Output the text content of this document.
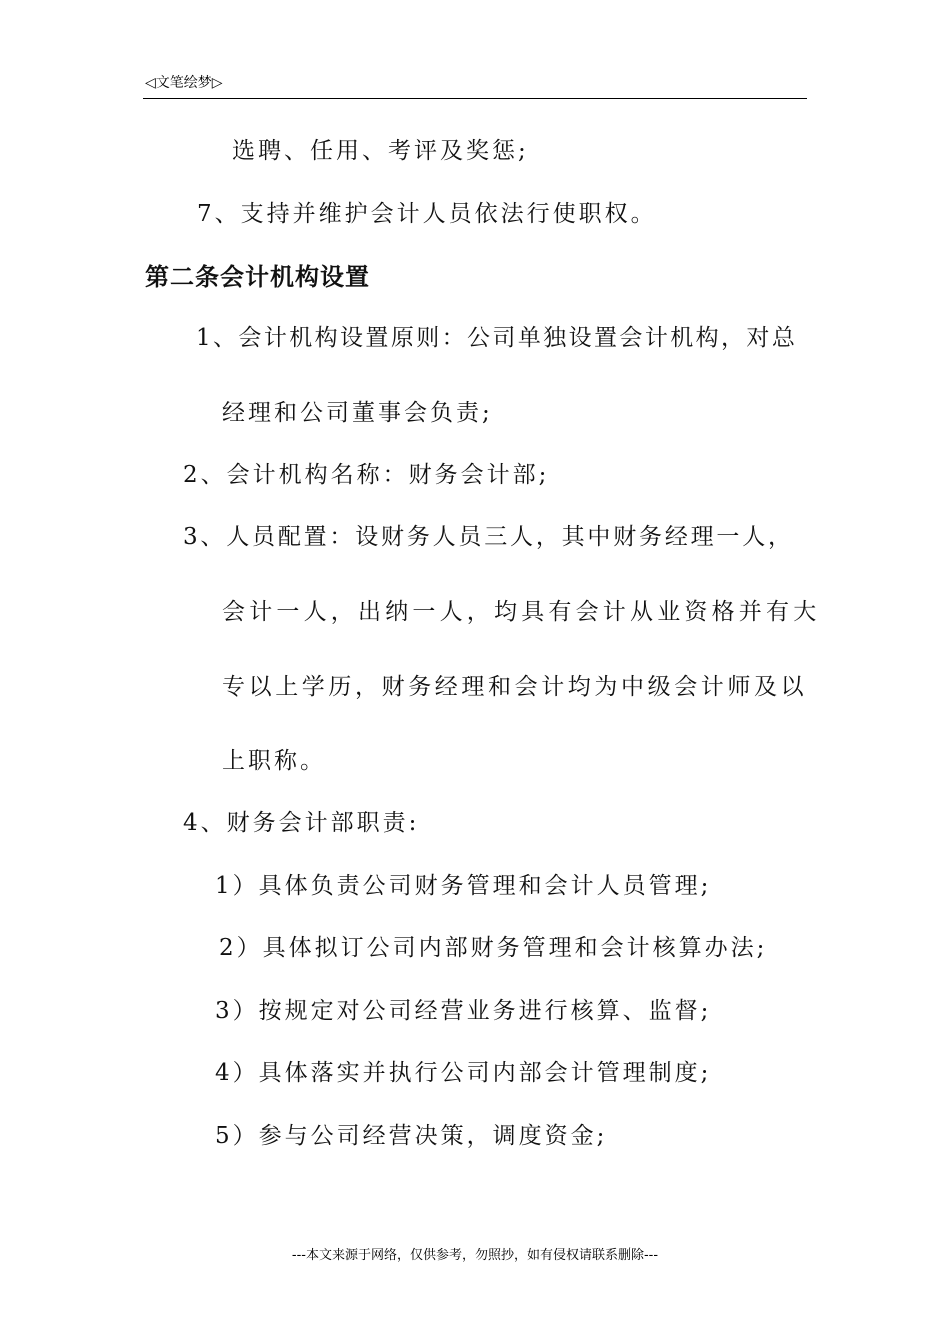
◁文笔绘梦▷
选聘、任用、考评及奖惩;
7、支持并维护会计人员依法行使职权。
第二条会计机构设置
1、会计机构设置原则：公司单独设置会计机构，对总
经理和公司董事会负责;
2、会计机构名称：财务会计部;
3、人员配置：设财务人员三人，其中财务经理一人，
会计一人，出纳一人，均具有会计从业资格并有大
专以上学历，财务经理和会计均为中级会计师及以
上职称。
4、财务会计部职责:
1）具体负责公司财务管理和会计人员管理;
2）具体拟订公司内部财务管理和会计核算办法;
3）按规定对公司经营业务进行核算、监督;
4）具体落实并执行公司内部会计管理制度;
5）参与公司经营决策，调度资金;
---本文来源于网络，仅供参考，勿照抄，如有侵权请联系删除---
